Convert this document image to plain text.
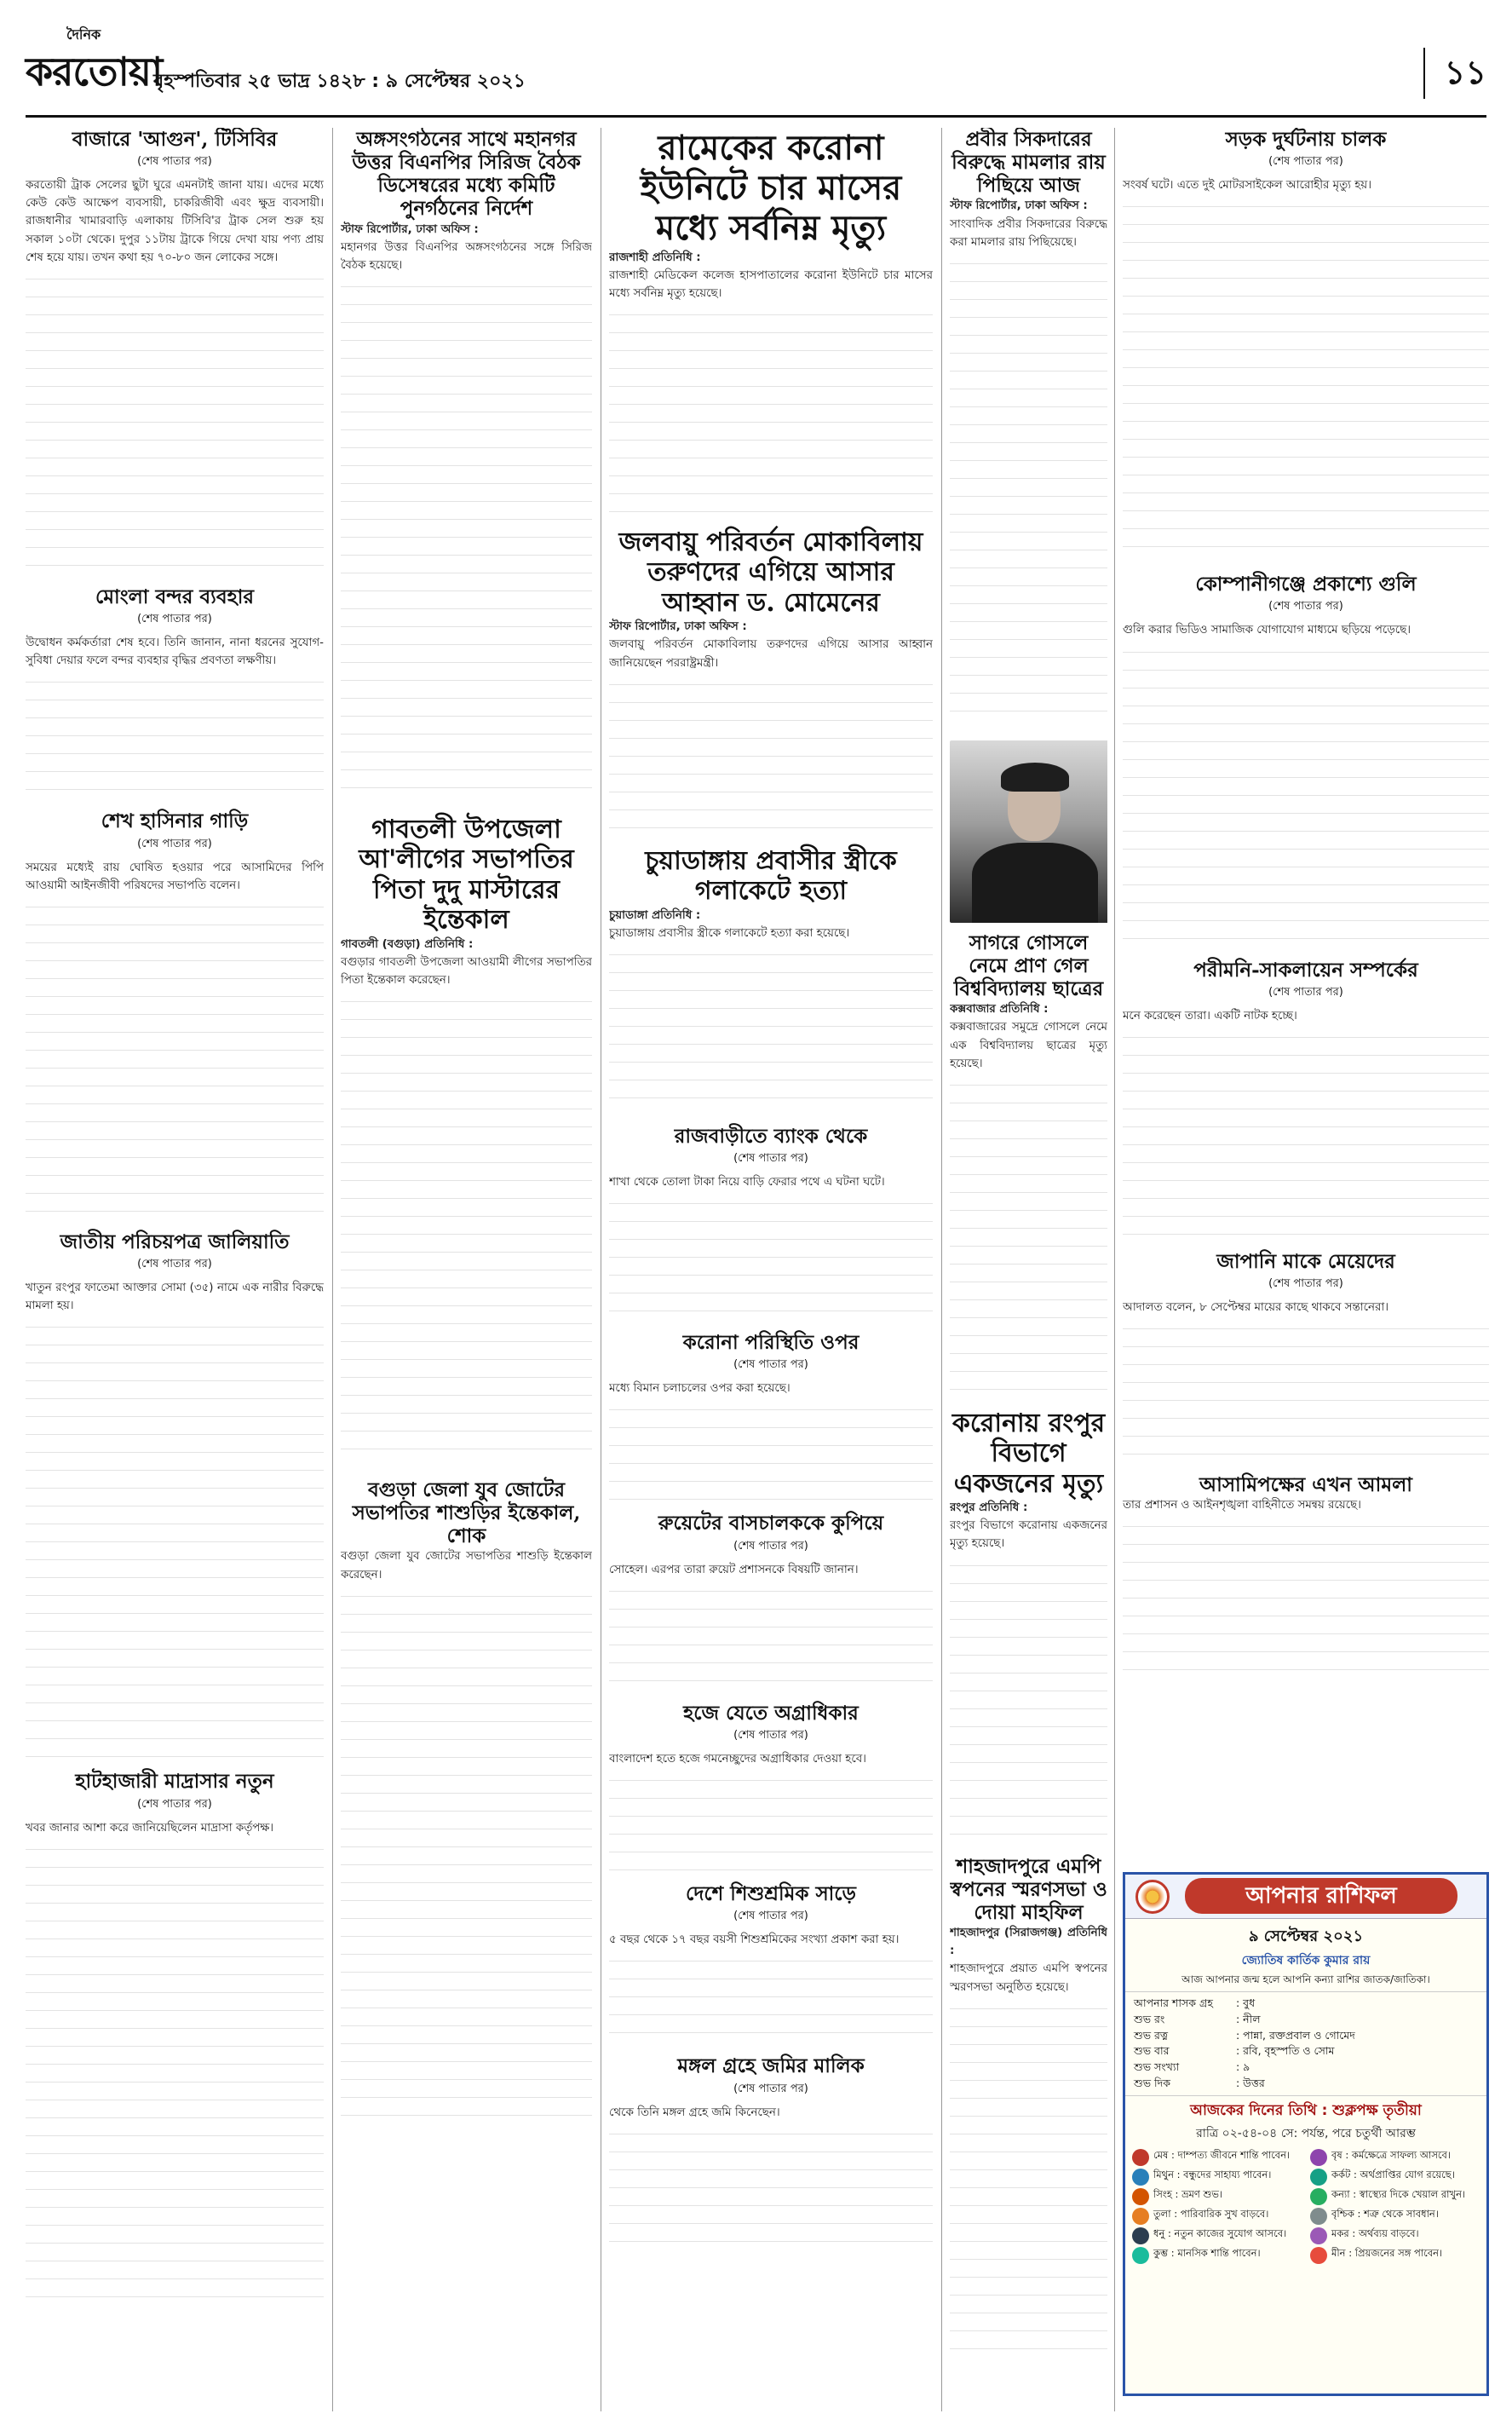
দৈনিক
করতোয়া
বৃহস্পতিবার ২৫ ভাদ্র ১৪২৮ : ৯ সেপ্টেম্বর ২০২১	১১
বাজারে 'আগুন', টিসিবির
(শেষ পাতার পর)
করতোয়ী ট্রাক সেলের ছুটা ঘুরে এমনটাই জানা যায়। এদের মধ্যে কেউ কেউ আক্ষেপ ব্যবসায়ী, চাকরিজীবী এবং ক্ষুদ্র ব্যবসায়ী। রাজধানীর খামারবাড়ি এলাকায় টিসিবি'র ট্রাক সেল শুরু হয় সকাল ১০টা থেকে। দুপুর ১১টায় ট্রাকে গিয়ে দেখা যায় পণ্য প্রায় শেষ হয়ে যায়। তখন কথা হয় ৭০-৮০ জন লোকের সঙ্গে।
মোংলা বন্দর ব্যবহার
(শেষ পাতার পর)
উদ্বোধন কর্মকর্তারা শেষ হবে। তিনি জানান, নানা ধরনের সুযোগ-সুবিধা দেয়ার ফলে বন্দর ব্যবহার বৃদ্ধির প্রবণতা লক্ষণীয়।
শেখ হাসিনার গাড়ি
(শেষ পাতার পর)
সময়ের মধ্যেই রায় ঘোষিত হওয়ার পরে আসামিদের পিপি আওয়ামী আইনজীবী পরিষদের সভাপতি বলেন।
জাতীয় পরিচয়পত্র জালিয়াতি
(শেষ পাতার পর)
খাতুন রংপুর ফাতেমা আক্তার সোমা (৩৫) নামে এক নারীর বিরুদ্ধে মামলা হয়।
হাটহাজারী মাদ্রাসার নতুন
(শেষ পাতার পর)
খবর জানার আশা করে জানিয়েছিলেন মাদ্রাসা কর্তৃপক্ষ।
অঙ্গসংগঠনের সাথে মহানগর উত্তর বিএনপির সিরিজ বৈঠক ডিসেম্বরের মধ্যে কমিটি পুনর্গঠনের নির্দেশ
স্টাফ রিপোর্টার, ঢাকা অফিস :
মহানগর উত্তর বিএনপির অঙ্গসংগঠনের সঙ্গে সিরিজ বৈঠক হয়েছে।
গাবতলী উপজেলা আ'লীগের সভাপতির পিতা দুদু মাস্টারের ইন্তেকাল
গাবতলী (বগুড়া) প্রতিনিধি :
বগুড়ার গাবতলী উপজেলা আওয়ামী লীগের সভাপতির পিতা ইন্তেকাল করেছেন।
বগুড়া জেলা যুব জোটের সভাপতির শাশুড়ির ইন্তেকাল, শোক
বগুড়া জেলা যুব জোটের সভাপতির শাশুড়ি ইন্তেকাল করেছেন।
রামেকের করোনা ইউনিটে চার মাসের মধ্যে সর্বনিম্ন মৃত্যু
রাজশাহী প্রতিনিধি :
রাজশাহী মেডিকেল কলেজ হাসপাতালের করোনা ইউনিটে চার মাসের মধ্যে সর্বনিম্ন মৃত্যু হয়েছে।
জলবায়ু পরিবর্তন মোকাবিলায় তরুণদের এগিয়ে আসার আহ্বান ড. মোমেনের
স্টাফ রিপোর্টার, ঢাকা অফিস :
জলবায়ু পরিবর্তন মোকাবিলায় তরুণদের এগিয়ে আসার আহ্বান জানিয়েছেন পররাষ্ট্রমন্ত্রী।
চুয়াডাঙ্গায় প্রবাসীর স্ত্রীকে গলাকেটে হত্যা
চুয়াডাঙ্গা প্রতিনিধি :
চুয়াডাঙ্গায় প্রবাসীর স্ত্রীকে গলাকেটে হত্যা করা হয়েছে।
রাজবাড়ীতে ব্যাংক থেকে
(শেষ পাতার পর)
শাখা থেকে তোলা টাকা নিয়ে বাড়ি ফেরার পথে এ ঘটনা ঘটে।
করোনা পরিস্থিতি ওপর
(শেষ পাতার পর)
মধ্যে বিমান চলাচলের ওপর করা হয়েছে।
রুয়েটের বাসচালককে কুপিয়ে
(শেষ পাতার পর)
সোহেল। এরপর তারা রুয়েট প্রশাসনকে বিষয়টি জানান।
হজে যেতে অগ্রাধিকার
(শেষ পাতার পর)
বাংলাদেশ হতে হজে গমনেচ্ছুদের অগ্রাধিকার দেওয়া হবে।
দেশে শিশুশ্রমিক সাড়ে
(শেষ পাতার পর)
৫ বছর থেকে ১৭ বছর বয়সী শিশুশ্রমিকের সংখ্যা প্রকাশ করা হয়।
মঙ্গল গ্রহে জমির মালিক
(শেষ পাতার পর)
থেকে তিনি মঙ্গল গ্রহে জমি কিনেছেন।
প্রবীর সিকদারের বিরুদ্ধে মামলার রায় পিছিয়ে আজ
স্টাফ রিপোর্টার, ঢাকা অফিস :
সাংবাদিক প্রবীর সিকদারের বিরুদ্ধে করা মামলার রায় পিছিয়েছে।
সাগরে গোসলে নেমে প্রাণ গেল বিশ্ববিদ্যালয় ছাত্রের
কক্সবাজার প্রতিনিধি :
কক্সবাজারের সমুদ্রে গোসলে নেমে এক বিশ্ববিদ্যালয় ছাত্রের মৃত্যু হয়েছে।
করোনায় রংপুর বিভাগে একজনের মৃত্যু
রংপুর প্রতিনিধি :
রংপুর বিভাগে করোনায় একজনের মৃত্যু হয়েছে।
শাহজাদপুরে এমপি স্বপনের স্মরণসভা ও দোয়া মাহফিল
শাহজাদপুর (সিরাজগঞ্জ) প্রতিনিধি :
শাহজাদপুরে প্রয়াত এমপি স্বপনের স্মরণসভা অনুষ্ঠিত হয়েছে।
সড়ক দুর্ঘটনায় চালক
(শেষ পাতার পর)
সংবর্ষ ঘটে। এতে দুই মোটরসাইকেল আরোহীর মৃত্যু হয়।
কোম্পানীগঞ্জে প্রকাশ্যে গুলি
(শেষ পাতার পর)
গুলি করার ভিডিও সামাজিক যোগাযোগ মাধ্যমে ছড়িয়ে পড়েছে।
পরীমনি-সাকলায়েন সম্পর্কের
(শেষ পাতার পর)
মনে করেছেন তারা। একটি নাটক হচ্ছে।
জাপানি মাকে মেয়েদের
(শেষ পাতার পর)
আদালত বলেন, ৮ সেপ্টেম্বর মায়ের কাছে থাকবে সন্তানেরা।
আসামিপক্ষের এখন আমলা
তার প্রশাসন ও আইনশৃঙ্খলা বাহিনীতে সমন্বয় রয়েছে।
আপনার রাশিফল
৯ সেপ্টেম্বর ২০২১
জ্যোতিষ কার্তিক কুমার রায়
আজ আপনার জন্ম হলে আপনি কন্যা রাশির জাতক/জাতিকা।
আপনার শাসক গ্রহ	: বুধ
শুভ রং	: নীল
শুভ রত্ন	: পান্না, রক্তপ্রবাল ও গোমেদ
শুভ বার	: রবি, বৃহস্পতি ও সোম
শুভ সংখ্যা	: ৯
শুভ দিক	: উত্তর
আজকের দিনের তিথি : শুক্লপক্ষ তৃতীয়া
রাত্রি ০২-৫৪-০৪ সে: পর্যন্ত, পরে চতুর্থী আরম্ভ
মেষ : দাম্পত্য জীবনে শান্তি পাবেন।	বৃষ : কর্মক্ষেত্রে সাফল্য আসবে।
মিথুন : বন্ধুদের সাহায্য পাবেন।	কর্কট : অর্থপ্রাপ্তির যোগ রয়েছে।
সিংহ : ভ্রমণ শুভ।	কন্যা : স্বাস্থ্যের দিকে খেয়াল রাখুন।
তুলা : পারিবারিক সুখ বাড়বে।	বৃশ্চিক : শত্রু থেকে সাবধান।
ধনু : নতুন কাজের সুযোগ আসবে।	মকর : অর্থব্যয় বাড়বে।
কুম্ভ : মানসিক শান্তি পাবেন।	মীন : প্রিয়জনের সঙ্গ পাবেন।
